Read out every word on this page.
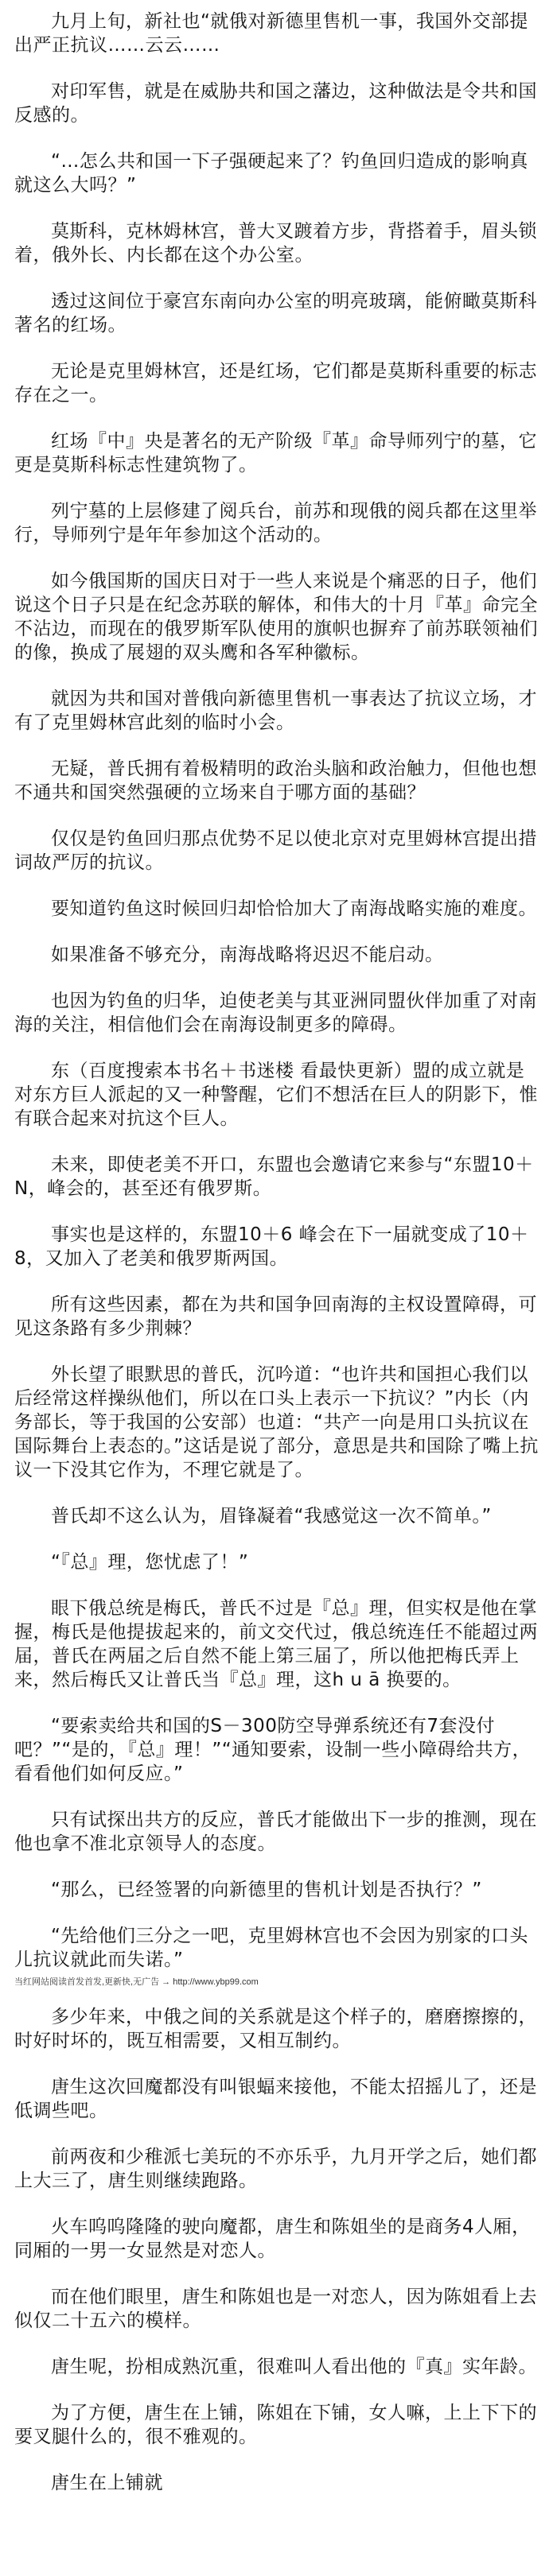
九月上旬，新社也“就俄对新德里售机一事，我国外交部提出严正抗议……云云……

对印军售，就是在威胁共和国之藩边，这种做法是令共和国反感的。

“…怎么共和国一下子强硬起来了？钓鱼回归造成的影响真就这么大吗？”

莫斯科，克林姆林宫，普大叉踱着方步，背搭着手，眉头锁着，俄外长、内长都在这个办公室。

透过这间位于豪宫东南向办公室的明亮玻璃，能俯瞰莫斯科著名的红场。

无论是克里姆林宫，还是红场，它们都是莫斯科重要的标志存在之一。

红场『中』央是著名的无产阶级『革』命导师列宁的墓，它更是莫斯科标志性建筑物了。

列宁墓的上层修建了阅兵台，前苏和现俄的阅兵都在这里举行，导师列宁是年年参加这个活动的。

如今俄国斯的国庆日对于一些人来说是个痛恶的日子，他们说这个日子只是在纪念苏联的解体，和伟大的十月『革』命完全不沾边，而现在的俄罗斯军队使用的旗帜也摒弃了前苏联领袖们的像，换成了展翅的双头鹰和各军种徽标。

就因为共和国对普俄向新德里售机一事表达了抗议立场，才有了克里姆林宫此刻的临时小会。

无疑，普氏拥有着极精明的政治头脑和政治触力，但他也想不通共和国突然强硬的立场来自于哪方面的基础？

仅仅是钓鱼回归那点优势不足以使北京对克里姆林宫提出措词故严厉的抗议。

要知道钓鱼这时候回归却恰恰加大了南海战略实施的难度。

如果准备不够充分，南海战略将迟迟不能启动。

也因为钓鱼的归华，迫使老美与其亚洲同盟伙伴加重了对南海的关注，相信他们会在南海设制更多的障碍。

东（百度搜索本书名＋书迷楼 看最快更新）盟的成立就是对东方巨人派起的又一种警醒，它们不想活在巨人的阴影下，惟有联合起来对抗这个巨人。

未来，即使老美不开口，东盟也会邀请它来参与“东盟10＋N，峰会的，甚至还有俄罗斯。

事实也是这样的，东盟10＋6 峰会在下一届就变成了10＋8，又加入了老美和俄罗斯两国。

所有这些因素，都在为共和国争回南海的主权设置障碍，可见这条路有多少荆棘？

外长望了眼默思的普氏，沉吟道：“也许共和国担心我们以后经常这样操纵他们，所以在口头上表示一下抗议？”内长（内务部长，等于我国的公安部）也道：“共产一向是用口头抗议在国际舞台上表态的。”这话是说了部分，意思是共和国除了嘴上抗议一下没其它作为，不理它就是了。

普氏却不这么认为，眉锋凝着“我感觉这一次不简单。”

“『总』理，您忧虑了！”

眼下俄总统是梅氏，普氏不过是『总』理，但实权是他在掌握，梅氏是他提拔起来的，前文交代过，俄总统连任不能超过两届，普氏在两届之后自然不能上第三届了，所以他把梅氏弄上来，然后梅氏又让普氏当『总』理，这h u ā 换要的。

“要索卖给共和国的S－300防空导弹系统还有7套没付吧？”“是的，『总』理！”“通知要索，设制一些小障碍给共方，看看他们如何反应。”

只有试探出共方的反应，普氏才能做出下一步的推测，现在他也拿不准北京领导人的态度。

“那么，已经签署的向新德里的售机计划是否执行？”

“先给他们三分之一吧，克里姆林宫也不会因为别家的口头儿抗议就此而失诺。”

当红网站阅读首发首发,更新快,无广告 → http://www.ybp99.com

多少年来，中俄之间的关系就是这个样子的，磨磨擦擦的，时好时坏的，既互相需要，又相互制约。

唐生这次回魔都没有叫银蝠来接他，不能太招摇儿了，还是低调些吧。

前两夜和少稚派七美玩的不亦乐乎，九月开学之后，她们都上大三了，唐生则继续跑路。

火车呜呜隆隆的驶向魔都，唐生和陈姐坐的是商务4人厢，同厢的一男一女显然是对恋人。

而在他们眼里，唐生和陈姐也是一对恋人，因为陈姐看上去似仅二十五六的模样。

唐生呢，扮相成熟沉重，很难叫人看出他的『真』实年龄。

为了方便，唐生在上铺，陈姐在下铺，女人嘛，上上下下的要叉腿什么的，很不雅观的。

唐生在上铺就
